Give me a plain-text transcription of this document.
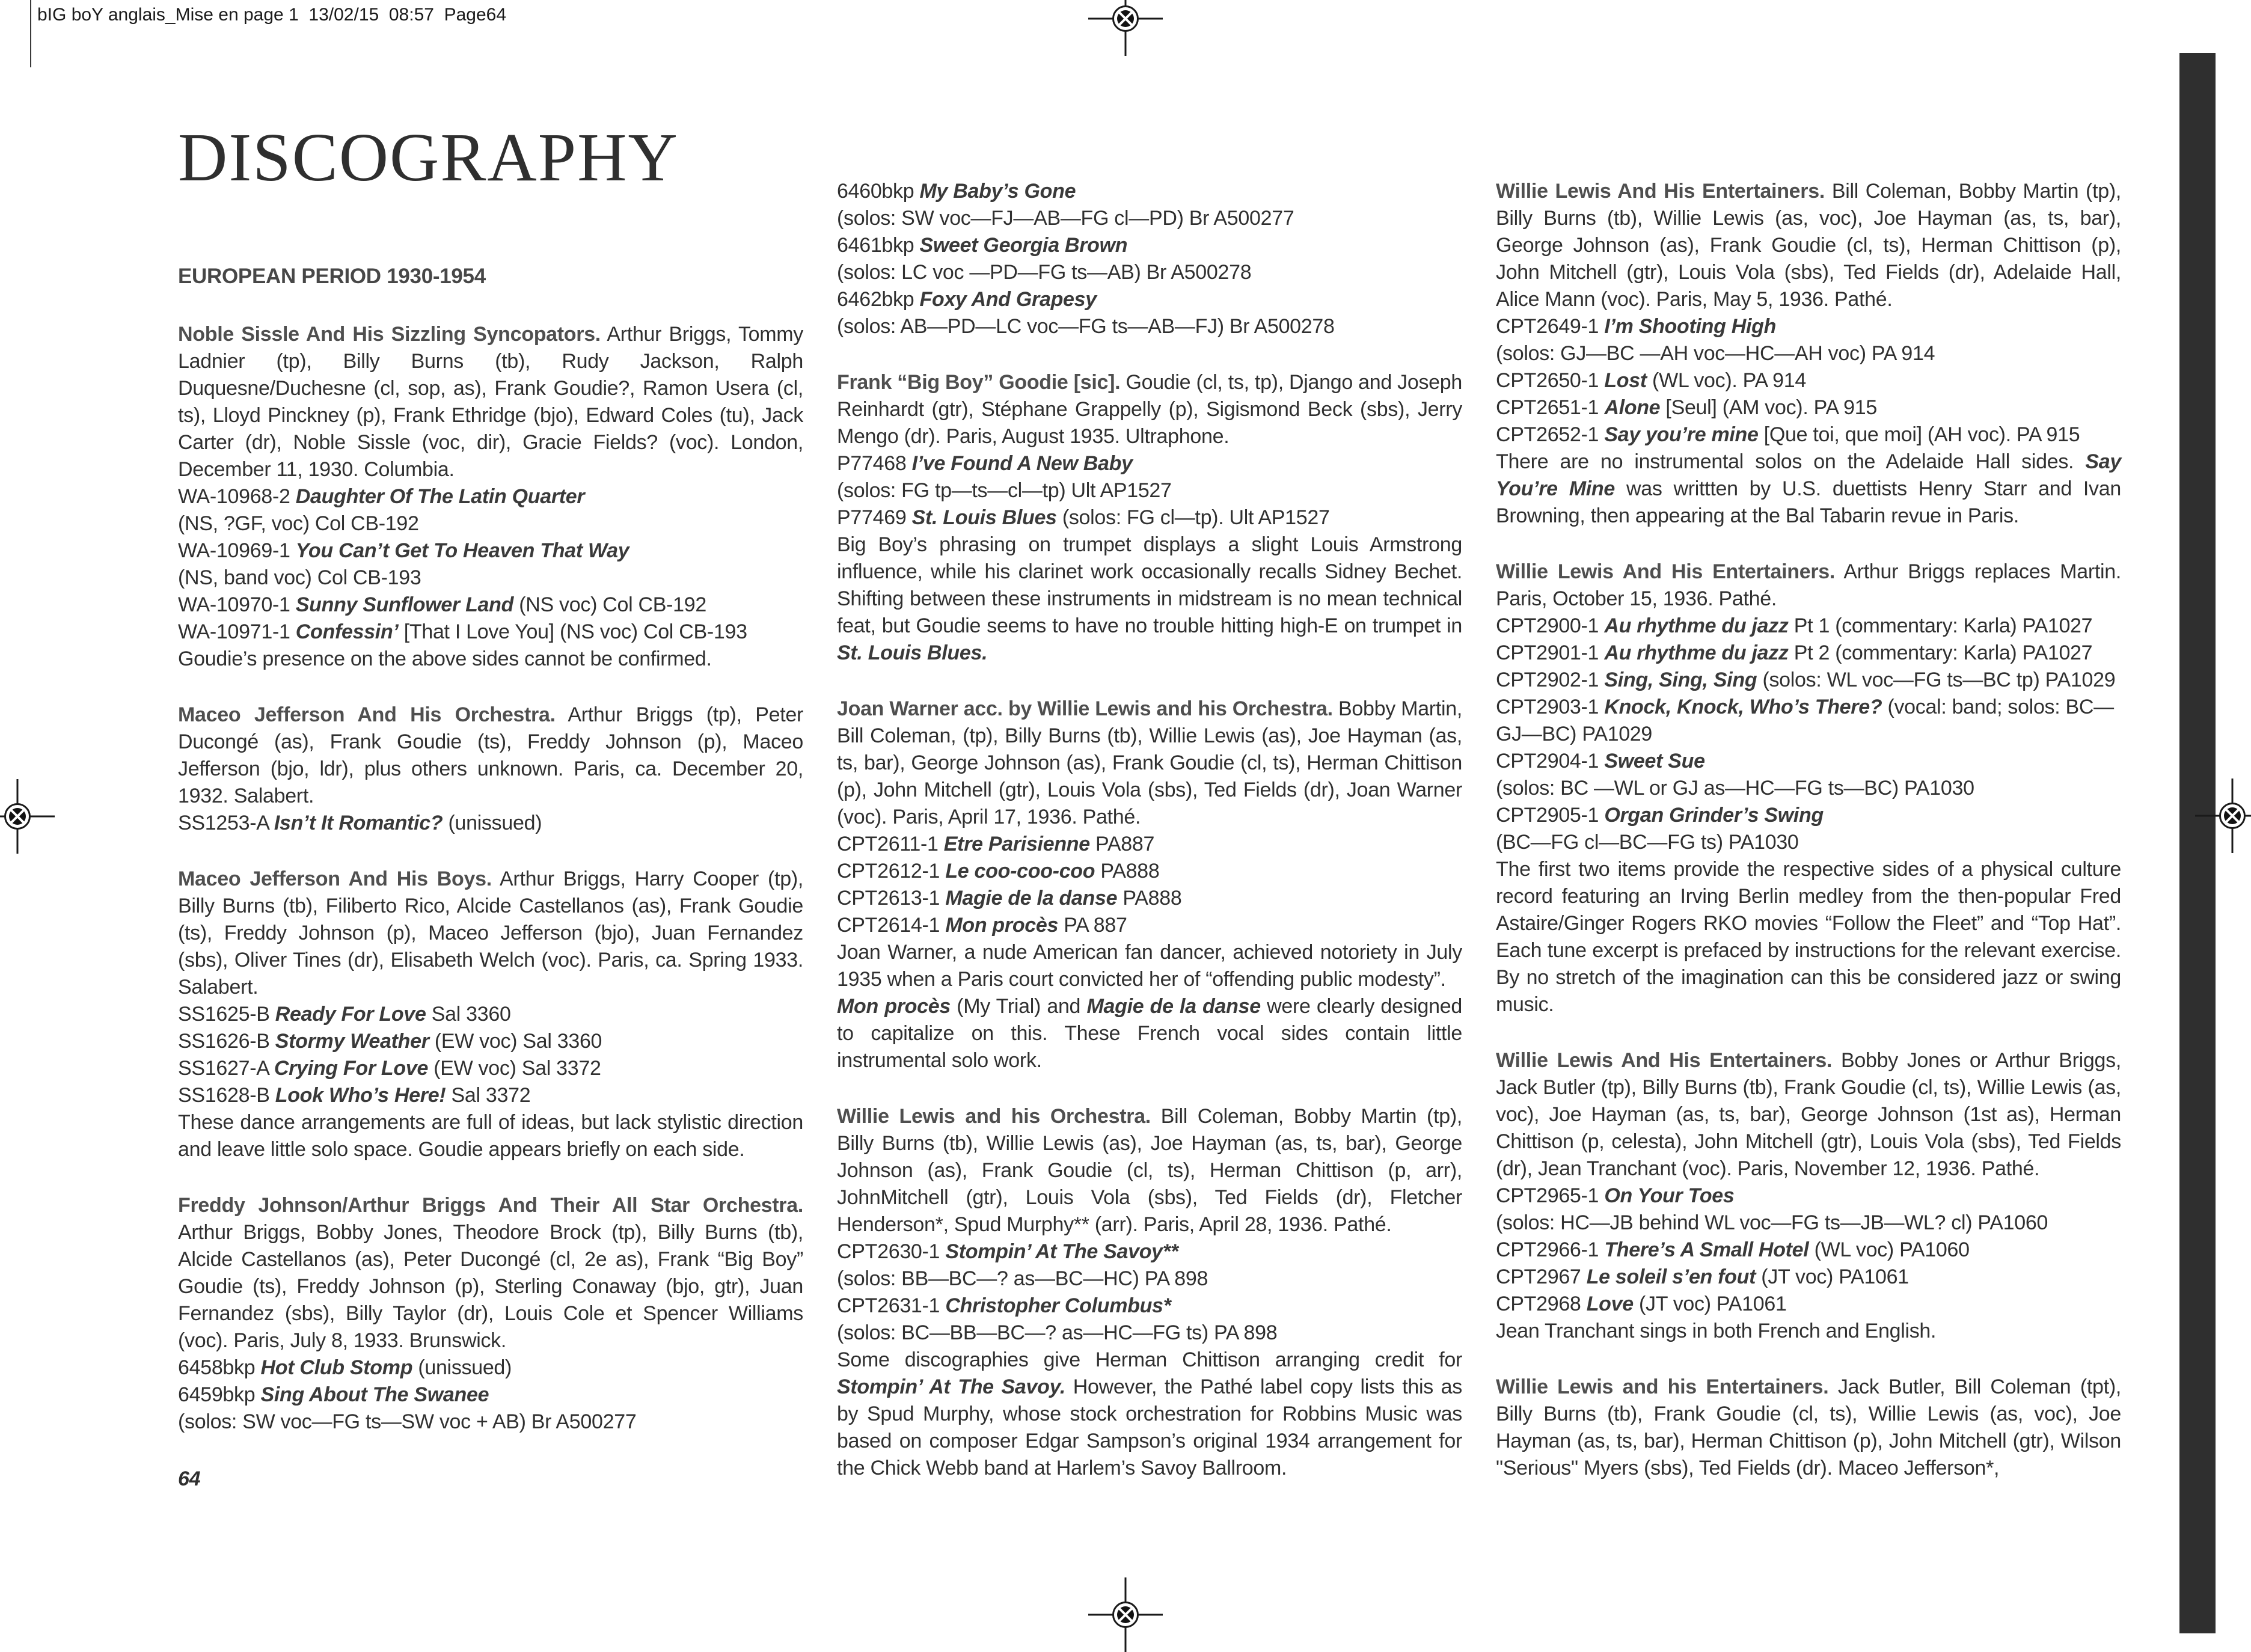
bIG boY anglais_Mise en page 1  13/02/15  08:57  Page64
DISCOGRAPHY
EUROPEAN PERIOD 1930-1954

Noble Sissle And His Sizzling Syncopators. Arthur Briggs, Tommy Ladnier (tp), Billy Burns (tb), Rudy Jackson, Ralph Duquesne/Duchesne (cl, sop, as), Frank Goudie?, Ramon Usera (cl, ts), Lloyd Pinckney (p), Frank Ethridge (bjo), Edward Coles (tu), Jack Carter (dr), Noble Sissle (voc, dir), Gracie Fields? (voc). London, December 11, 1930. Columbia.

WA-10968-2 Daughter Of The Latin Quarter

(NS, ?GF, voc) Col CB-192

WA-10969-1 You Can’t Get To Heaven That Way

(NS, band voc) Col CB-193

WA-10970-1 Sunny Sunflower Land (NS voc) Col CB-192

WA-10971-1 Confessin’ [That I Love You] (NS voc) Col CB-193

Goudie’s presence on the above sides cannot be confirmed.

Maceo Jefferson And His Orchestra. Arthur Briggs (tp), Peter Ducongé (as), Frank Goudie (ts), Freddy Johnson (p), Maceo Jefferson (bjo, ldr), plus others unknown. Paris, ca. December 20, 1932. Salabert.

SS1253-A Isn’t It Romantic? (unissued)

Maceo Jefferson And His Boys. Arthur Briggs, Harry Cooper (tp), Billy Burns (tb), Filiberto Rico, Alcide Castellanos (as), Frank Goudie (ts), Freddy Johnson (p), Maceo Jefferson (bjo), Juan Fernandez (sbs), Oliver Tines (dr), Elisabeth Welch (voc). Paris, ca. Spring 1933. Salabert.

SS1625-B Ready For Love Sal 3360

SS1626-B Stormy Weather (EW voc) Sal 3360

SS1627-A Crying For Love (EW voc) Sal 3372

SS1628-B Look Who’s Here! Sal 3372

These dance arrangements are full of ideas, but lack stylistic direction and leave little solo space. Goudie appears briefly on each side.

Freddy Johnson/Arthur Briggs And Their All Star Orchestra. Arthur Briggs, Bobby Jones, Theodore Brock (tp), Billy Burns (tb), Alcide Castellanos (as), Peter Ducongé (cl, 2e as), Frank “Big Boy” Goudie (ts), Freddy Johnson (p), Sterling Conaway (bjo, gtr), Juan Fernandez (sbs), Billy Taylor (dr), Louis Cole et Spencer Williams (voc). Paris, July 8, 1933. Brunswick.

6458bkp Hot Club Stomp (unissued)

6459bkp Sing About The Swanee

(solos: SW voc—FG ts—SW voc + AB) Br A500277

64

6460bkp My Baby’s Gone

(solos: SW voc—FJ—AB—FG cl—PD) Br A500277

6461bkp Sweet Georgia Brown

(solos: LC voc —PD—FG ts—AB) Br A500278

6462bkp Foxy And Grapesy

(solos: AB—PD—LC voc—FG ts—AB—FJ) Br A500278

Frank “Big Boy” Goodie [sic]. Goudie (cl, ts, tp), Django and Joseph Reinhardt (gtr), Stéphane Grappelly (p), Sigismond Beck (sbs), Jerry Mengo (dr). Paris, August 1935. Ultraphone.

P77468 I’ve Found A New Baby

(solos: FG tp—ts—cl—tp) Ult AP1527

P77469 St. Louis Blues (solos: FG cl—tp). Ult AP1527

Big Boy’s phrasing on trumpet displays a slight Louis Armstrong influence, while his clarinet work occasionally recalls Sidney Bechet. Shifting between these instruments in midstream is no mean technical feat, but Goudie seems to have no trouble hitting high-E on trumpet in St. Louis Blues.

Joan Warner acc. by Willie Lewis and his Orchestra. Bobby Martin, Bill Coleman, (tp), Billy Burns (tb), Willie Lewis (as), Joe Hayman (as, ts, bar), George Johnson (as), Frank Goudie (cl, ts), Herman Chittison (p), John Mitchell (gtr), Louis Vola (sbs), Ted Fields (dr), Joan Warner (voc). Paris, April 17, 1936. Pathé.

CPT2611-1 Etre Parisienne PA887

CPT2612-1 Le coo-coo-coo PA888

CPT2613-1 Magie de la danse PA888

CPT2614-1 Mon procès PA 887

Joan Warner, a nude American fan dancer, achieved notoriety in July 1935 when a Paris court convicted her of “offending public modesty”.

Mon procès (My Trial) and Magie de la danse were clearly designed to capitalize on this. These French vocal sides contain little instrumental solo work.

Willie Lewis and his Orchestra. Bill Coleman, Bobby Martin (tp), Billy Burns (tb), Willie Lewis (as), Joe Hayman (as, ts, bar), George Johnson (as), Frank Goudie (cl, ts), Herman Chittison (p, arr), JohnMitchell (gtr), Louis Vola (sbs), Ted Fields (dr), Fletcher Henderson*, Spud Murphy** (arr). Paris, April 28, 1936. Pathé.

CPT2630-1 Stompin’ At The Savoy**

(solos: BB—BC—? as—BC—HC) PA 898

CPT2631-1 Christopher Columbus*

(solos: BC—BB—BC—? as—HC—FG ts) PA 898

Some discographies give Herman Chittison arranging credit for Stompin’ At The Savoy. However, the Pathé label copy lists this as by Spud Murphy, whose stock orchestration for Robbins Music was based on composer Edgar Sampson’s original 1934 arrangement for the Chick Webb band at Harlem’s Savoy Ballroom.

Willie Lewis And His Entertainers. Bill Coleman, Bobby Martin (tp), Billy Burns (tb), Willie Lewis (as, voc), Joe Hayman (as, ts, bar), George Johnson (as), Frank Goudie (cl, ts), Herman Chittison (p), John Mitchell (gtr), Louis Vola (sbs), Ted Fields (dr), Adelaide Hall, Alice Mann (voc). Paris, May 5, 1936. Pathé.

CPT2649-1 I’m Shooting High

(solos: GJ—BC —AH voc—HC—AH voc) PA 914

CPT2650-1 Lost (WL voc). PA 914

CPT2651-1 Alone [Seul] (AM voc). PA 915

CPT2652-1 Say you’re mine [Que toi, que moi] (AH voc). PA 915

There are no instrumental solos on the Adelaide Hall sides. Say You’re Mine was writtten by U.S. duettists Henry Starr and Ivan Browning, then appearing at the Bal Tabarin revue in Paris.

Willie Lewis And His Entertainers. Arthur Briggs replaces Martin. Paris, October 15, 1936. Pathé.

CPT2900-1 Au rhythme du jazz Pt 1 (commentary: Karla) PA1027

CPT2901-1 Au rhythme du jazz Pt 2 (commentary: Karla) PA1027

CPT2902-1 Sing, Sing, Sing (solos: WL voc—FG ts—BC tp) PA1029

CPT2903-1 Knock, Knock, Who’s There? (vocal: band; solos: BC—GJ—BC) PA1029

CPT2904-1 Sweet Sue

(solos: BC —WL or GJ as—HC—FG ts—BC) PA1030

CPT2905-1 Organ Grinder’s Swing

(BC—FG cl—BC—FG ts) PA1030

The first two items provide the respective sides of a physical culture record featuring an Irving Berlin medley from the then-popular Fred Astaire/Ginger Rogers RKO movies “Follow the Fleet” and “Top Hat”. Each tune excerpt is prefaced by instructions for the relevant exercise. By no stretch of the imagination can this be considered jazz or swing music.

Willie Lewis And His Entertainers. Bobby Jones or Arthur Briggs, Jack Butler (tp), Billy Burns (tb), Frank Goudie (cl, ts), Willie Lewis (as, voc), Joe Hayman (as, ts, bar), George Johnson (1st as), Herman Chittison (p, celesta), John Mitchell (gtr), Louis Vola (sbs), Ted Fields (dr), Jean Tranchant (voc). Paris, November 12, 1936. Pathé.

CPT2965-1 On Your Toes

(solos: HC—JB behind WL voc—FG ts—JB—WL? cl) PA1060

CPT2966-1 There’s A Small Hotel (WL voc) PA1060

CPT2967 Le soleil s’en fout (JT voc) PA1061

CPT2968 Love (JT voc) PA1061

Jean Tranchant sings in both French and English.

Willie Lewis and his Entertainers. Jack Butler, Bill Coleman (tpt), Billy Burns (tb), Frank Goudie (cl, ts), Willie Lewis (as, voc), Joe Hayman (as, ts, bar), Herman Chittison (p), John Mitchell (gtr), Wilson "Serious" Myers (sbs), Ted Fields (dr). Maceo Jefferson*,
